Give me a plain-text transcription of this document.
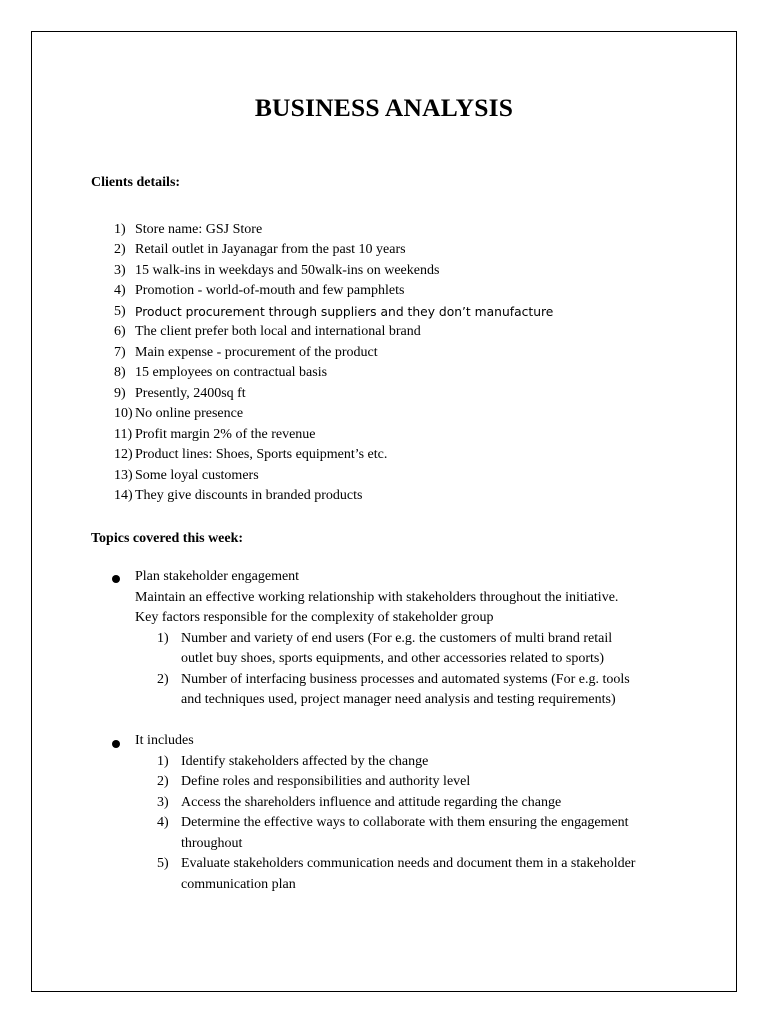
BUSINESS ANALYSIS
Clients details:
1) Store name: GSJ Store
2) Retail outlet in Jayanagar from the past 10 years
3) 15 walk-ins in weekdays and 50walk-ins on weekends
4) Promotion - world-of-mouth and few pamphlets
5) Product procurement through suppliers and they don’t manufacture
6) The client prefer both local and international brand
7) Main expense - procurement of the product
8) 15 employees on contractual basis
9) Presently, 2400sq ft
10) No online presence
11) Profit margin 2% of the revenue
12) Product lines: Shoes, Sports equipment’s etc.
13) Some loyal customers
14) They give discounts in branded products
Topics covered this week:
Plan stakeholder engagement
Maintain an effective working relationship with stakeholders throughout the initiative.
Key factors responsible for the complexity of stakeholder group
1) Number and variety of end users (For e.g. the customers of multi brand retail
outlet buy shoes, sports equipments, and other accessories related to sports)
2) Number of interfacing business processes and automated systems (For e.g. tools
and techniques used, project manager need analysis and testing requirements)
It includes
1) Identify stakeholders affected by the change
2) Define roles and responsibilities and authority level
3) Access the shareholders influence and attitude regarding the change
4) Determine the effective ways to collaborate with them ensuring the engagement
throughout
5) Evaluate stakeholders communication needs and document them in a stakeholder
communication plan
